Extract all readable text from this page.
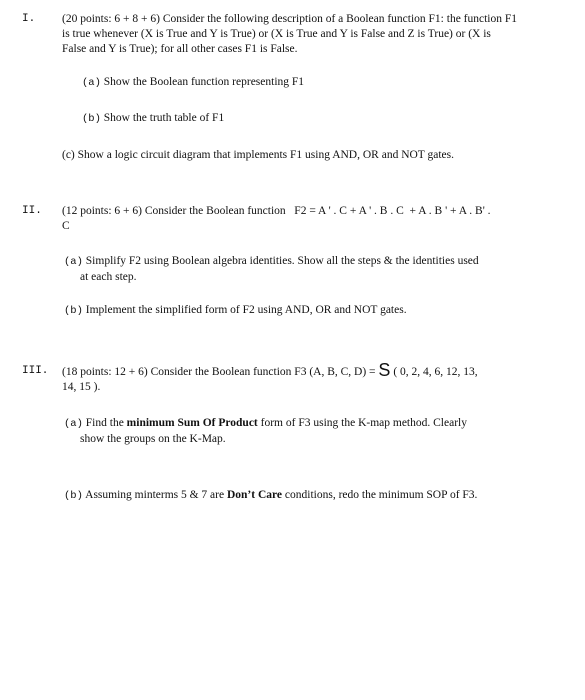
I. (20 points: 6 + 8 + 6) Consider the following description of a Boolean function F1: the function F1 is true whenever (X is True and Y is True) or (X is True and Y is False and Z is True) or (X is False and Y is True); for all other cases F1 is False.
(a) Show the Boolean function representing F1
(b) Show the truth table of F1
(c) Show a logic circuit diagram that implements F1 using AND, OR and NOT gates.
II. (12 points: 6 + 6) Consider the Boolean function   F2 = A ' . C + A ' . B . C  + A . B ' + A . B' .
C
(a) Simplify F2 using Boolean algebra identities. Show all the steps & the identities used
at each step.
(b) Implement the simplified form of F2 using AND, OR and NOT gates.
III. (18 points: 12 + 6) Consider the Boolean function F3 (A, B, C, D) = S ( 0, 2, 4, 6, 12, 13,
14, 15 ).
(a) Find the minimum Sum Of Product form of F3 using the K-map method. Clearly
show the groups on the K-Map.
(b) Assuming minterms 5 & 7 are Don’t Care conditions, redo the minimum SOP of F3.
